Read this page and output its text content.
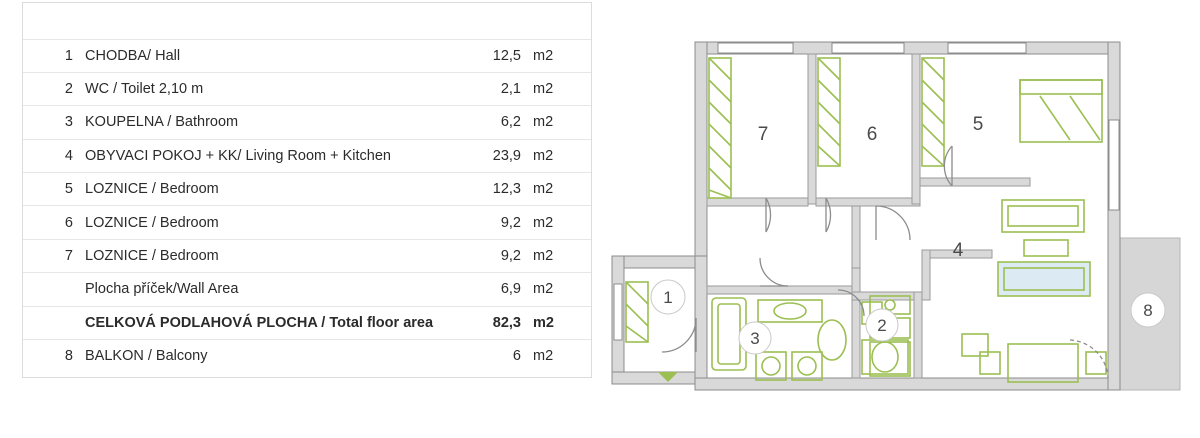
1	CHODBA/ Hall	12,5	m2
2	WC / Toilet 2,10 m	2,1	m2
3	KOUPELNA / Bathroom	6,2	m2
4	OBYVACI POKOJ + KK/ Living Room + Kitchen	23,9	m2
5	LOZNICE / Bedroom	12,3	m2
6	LOZNICE / Bedroom	9,2	m2
7	LOZNICE / Bedroom	9,2	m2
	Plocha příček/Wall Area	6,9	m2
	CELKOVÁ PODLAHOVÁ PLOCHA / Total floor area	82,3	m2
8	BALKON / Balcony	6	m2
7	6	5
4
1
2
3
8
